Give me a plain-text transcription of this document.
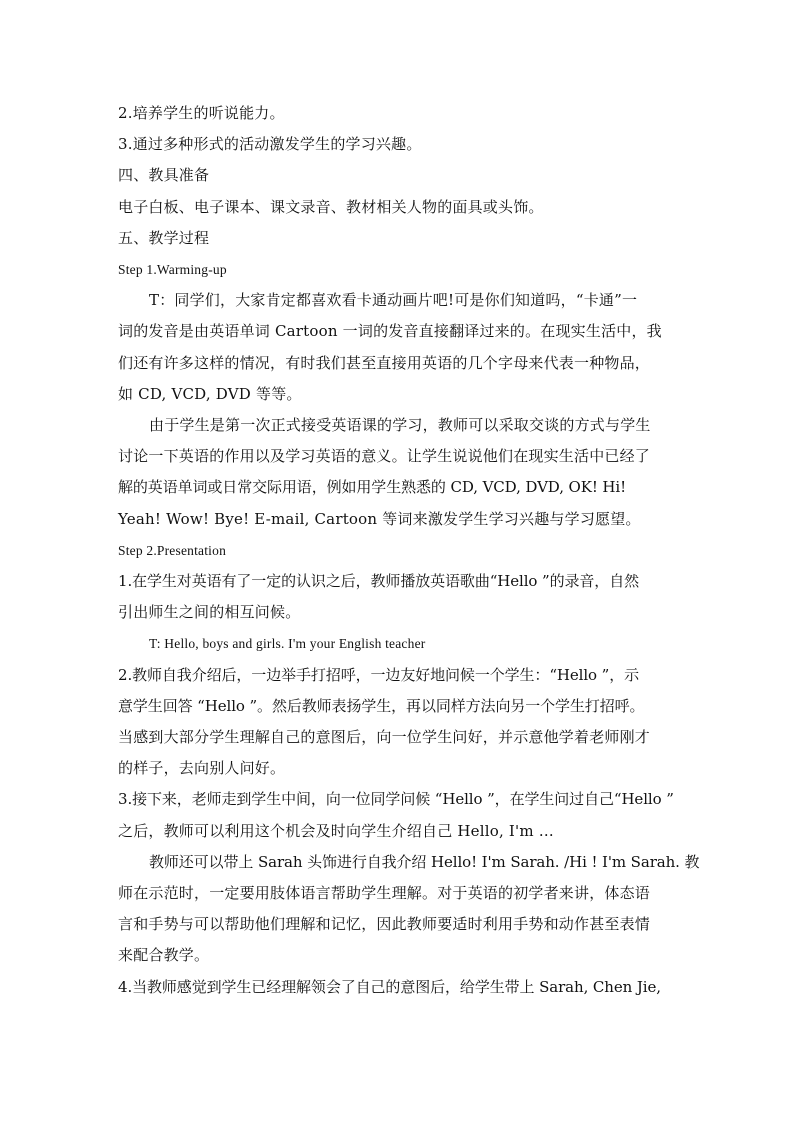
2.培养学生的听说能力。
3.通过多种形式的活动激发学生的学习兴趣。
四、教具准备
电子白板、电子课本、课文录音、教材相关人物的面具或头饰。
五、教学过程
Step 1.Warming-up
T：同学们，大家肯定都喜欢看卡通动画片吧!可是你们知道吗，“卡通”一
词的发音是由英语单词 Cartoon 一词的发音直接翻译过来的。在现实生活中，我
们还有许多这样的情况，有时我们甚至直接用英语的几个字母来代表一种物品，
如 CD, VCD, DVD 等等。
由于学生是第一次正式接受英语课的学习，教师可以采取交谈的方式与学生
讨论一下英语的作用以及学习英语的意义。让学生说说他们在现实生活中已经了
解的英语单词或日常交际用语，例如用学生熟悉的 CD, VCD, DVD, OK! Hi!
Yeah! Wow! Bye! E-mail, Cartoon 等词来激发学生学习兴趣与学习愿望。
Step 2.Presentation
1.在学生对英语有了一定的认识之后，教师播放英语歌曲“Hello ”的录音，自然
引出师生之间的相互问候。
T: Hello, boys and girls. I'm your English teacher
2.教师自我介绍后，一边举手打招呼，一边友好地问候一个学生：“Hello ”，示
意学生回答 “Hello ”。然后教师表扬学生，再以同样方法向另一个学生打招呼。
当感到大部分学生理解自己的意图后，向一位学生问好，并示意他学着老师刚才
的样子，去向别人问好。
3.接下来，老师走到学生中间，向一位同学问候 “Hello ”，在学生问过自己“Hello ”
之后，教师可以利用这个机会及时向学生介绍自己 Hello, I'm …
教师还可以带上 Sarah 头饰进行自我介绍 Hello! I'm Sarah. /Hi ! I'm Sarah. 教
师在示范时，一定要用肢体语言帮助学生理解。对于英语的初学者来讲，体态语
言和手势与可以帮助他们理解和记忆，因此教师要适时利用手势和动作甚至表情
来配合教学。
4.当教师感觉到学生已经理解领会了自己的意图后，给学生带上 Sarah, Chen Jie,
